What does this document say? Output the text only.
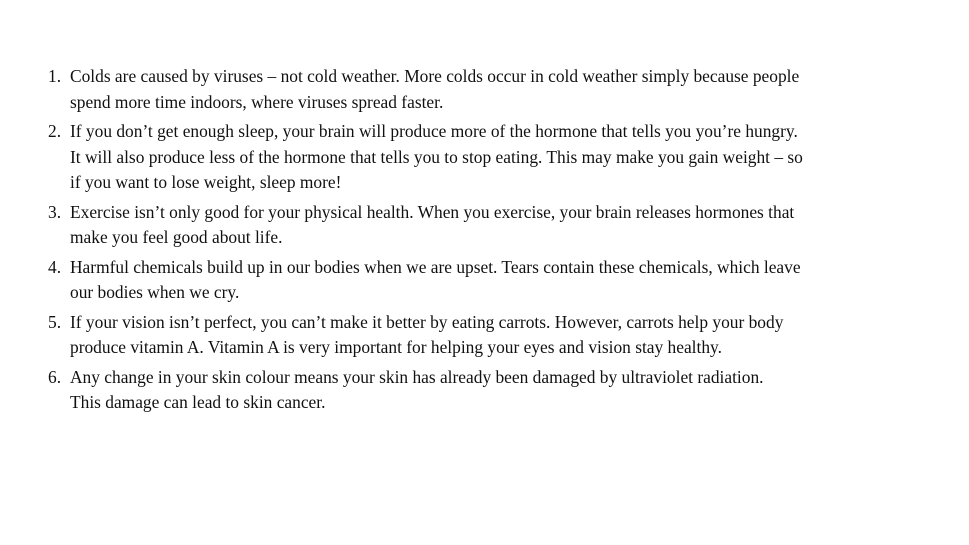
1. Colds are caused by viruses – not cold weather. More colds occur in cold weather simply because people
spend more time indoors, where viruses spread faster.
2. If you don’t get enough sleep, your brain will produce more of the hormone that tells you you’re hungry.
It will also produce less of the hormone that tells you to stop eating. This may make you gain weight – so
if you want to lose weight, sleep more!
3. Exercise isn’t only good for your physical health. When you exercise, your brain releases hormones that
make you feel good about life.
4. Harmful chemicals build up in our bodies when we are upset. Tears contain these chemicals, which leave
our bodies when we cry.
5. If your vision isn’t perfect, you can’t make it better by eating carrots. However, carrots help your body
produce vitamin A. Vitamin A is very important for helping your eyes and vision stay healthy.
6. Any change in your skin colour means your skin has already been damaged by ultraviolet radiation.
This damage can lead to skin cancer.
